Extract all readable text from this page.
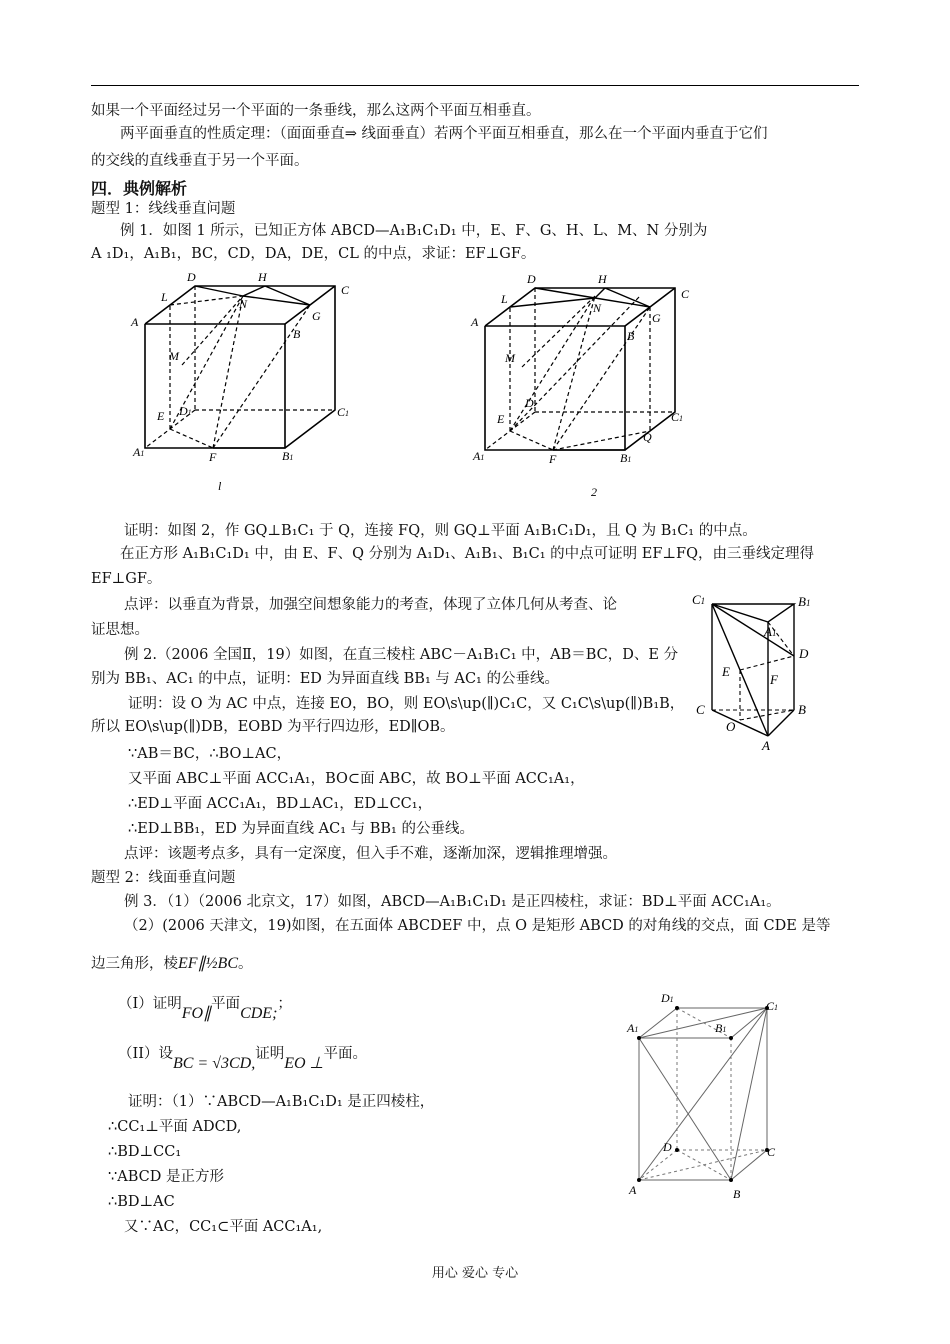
如果一个平面经过另一个平面的一条垂线，那么这两个平面互相垂直。
两平面垂直的性质定理：（面面垂直⇒ 线面垂直）若两个平面互相垂直，那么在一个平面内垂直于它们
的交线的直线垂直于另一个平面。
四．典例解析
题型 1：线线垂直问题
例 1．如图 1 所示，已知正方体 ABCD—A₁B₁C₁D₁ 中，E、F、G、H、L、M、N 分别为
A ₁D₁，A₁B₁，BC，CD，DA，DE，CL 的中点，求证：EF⊥GF。
D	H
L	C
A	G
B
M
N
E D1	C1
A1	F	B1
l
D	H
L	C
A	G
B
M
N
E
D
C1
Q
A1	F	B1
2
证明：如图 2，作 GQ⊥B₁C₁ 于 Q，连接 FQ，则 GQ⊥平面 A₁B₁C₁D₁，且 Q 为 B₁C₁ 的中点。
在正方形 A₁B₁C₁D₁ 中，由 E、F、Q 分别为 A₁D₁、A₁B₁、B₁C₁ 的中点可证明 EF⊥FQ，由三垂线定理得
EF⊥GF。
点评：以垂直为背景，加强空间想象能力的考查，体现了立体几何从考查、论
证思想。
例 2.（2006 全国Ⅱ，19）如图，在直三棱柱 ABC－A₁B₁C₁ 中，AB＝BC，D、E 分
别为 BB₁、AC₁ 的中点，证明：ED 为异面直线 BB₁ 与 AC₁ 的公垂线。
C1	B1
A1
D
E
F
C	B
O
A
证明：设 O 为 AC 中点，连接 EO，BO，则 EO\s\up(∥)C₁C，又 C₁C\s\up(∥)B₁B，
所以 EO\s\up(∥)DB，EOBD 为平行四边形，ED∥OB。
∵AB＝BC，∴BO⊥AC，
又平面 ABC⊥平面 ACC₁A₁，BO⊂面 ABC，故 BO⊥平面 ACC₁A₁，
∴ED⊥平面 ACC₁A₁，BD⊥AC₁，ED⊥CC₁，
∴ED⊥BB₁，ED 为异面直线 AC₁ 与 BB₁ 的公垂线。
点评：该题考点多，具有一定深度，但入手不难，逐渐加深，逻辑推理增强。
题型 2：线面垂直问题
例 3．（1）（2006 北京文，17）如图，ABCD—A₁B₁C₁D₁ 是正四棱柱，求证：BD⊥平面 ACC₁A₁。
（2）(2006 天津文，19)如图，在五面体 ABCDEF 中，点 O 是矩形 ABCD 的对角线的交点，面 CDE 是等
边三角形，棱EF∥½BC。
（I）证明FO∥平面CDE;；
（II）设BC = √3CD,证明EO ⊥平面。
证明：（1）∵ABCD—A₁B₁C₁D₁ 是正四棱柱，
∴CC₁⊥平面 ADCD,
∴BD⊥CC₁
∵ABCD 是正方形
∴BD⊥AC
又∵AC，CC₁⊂平面 ACC₁A₁,
D1	C1
A1	B1
D	C
A	B
用心 爱心 专心
